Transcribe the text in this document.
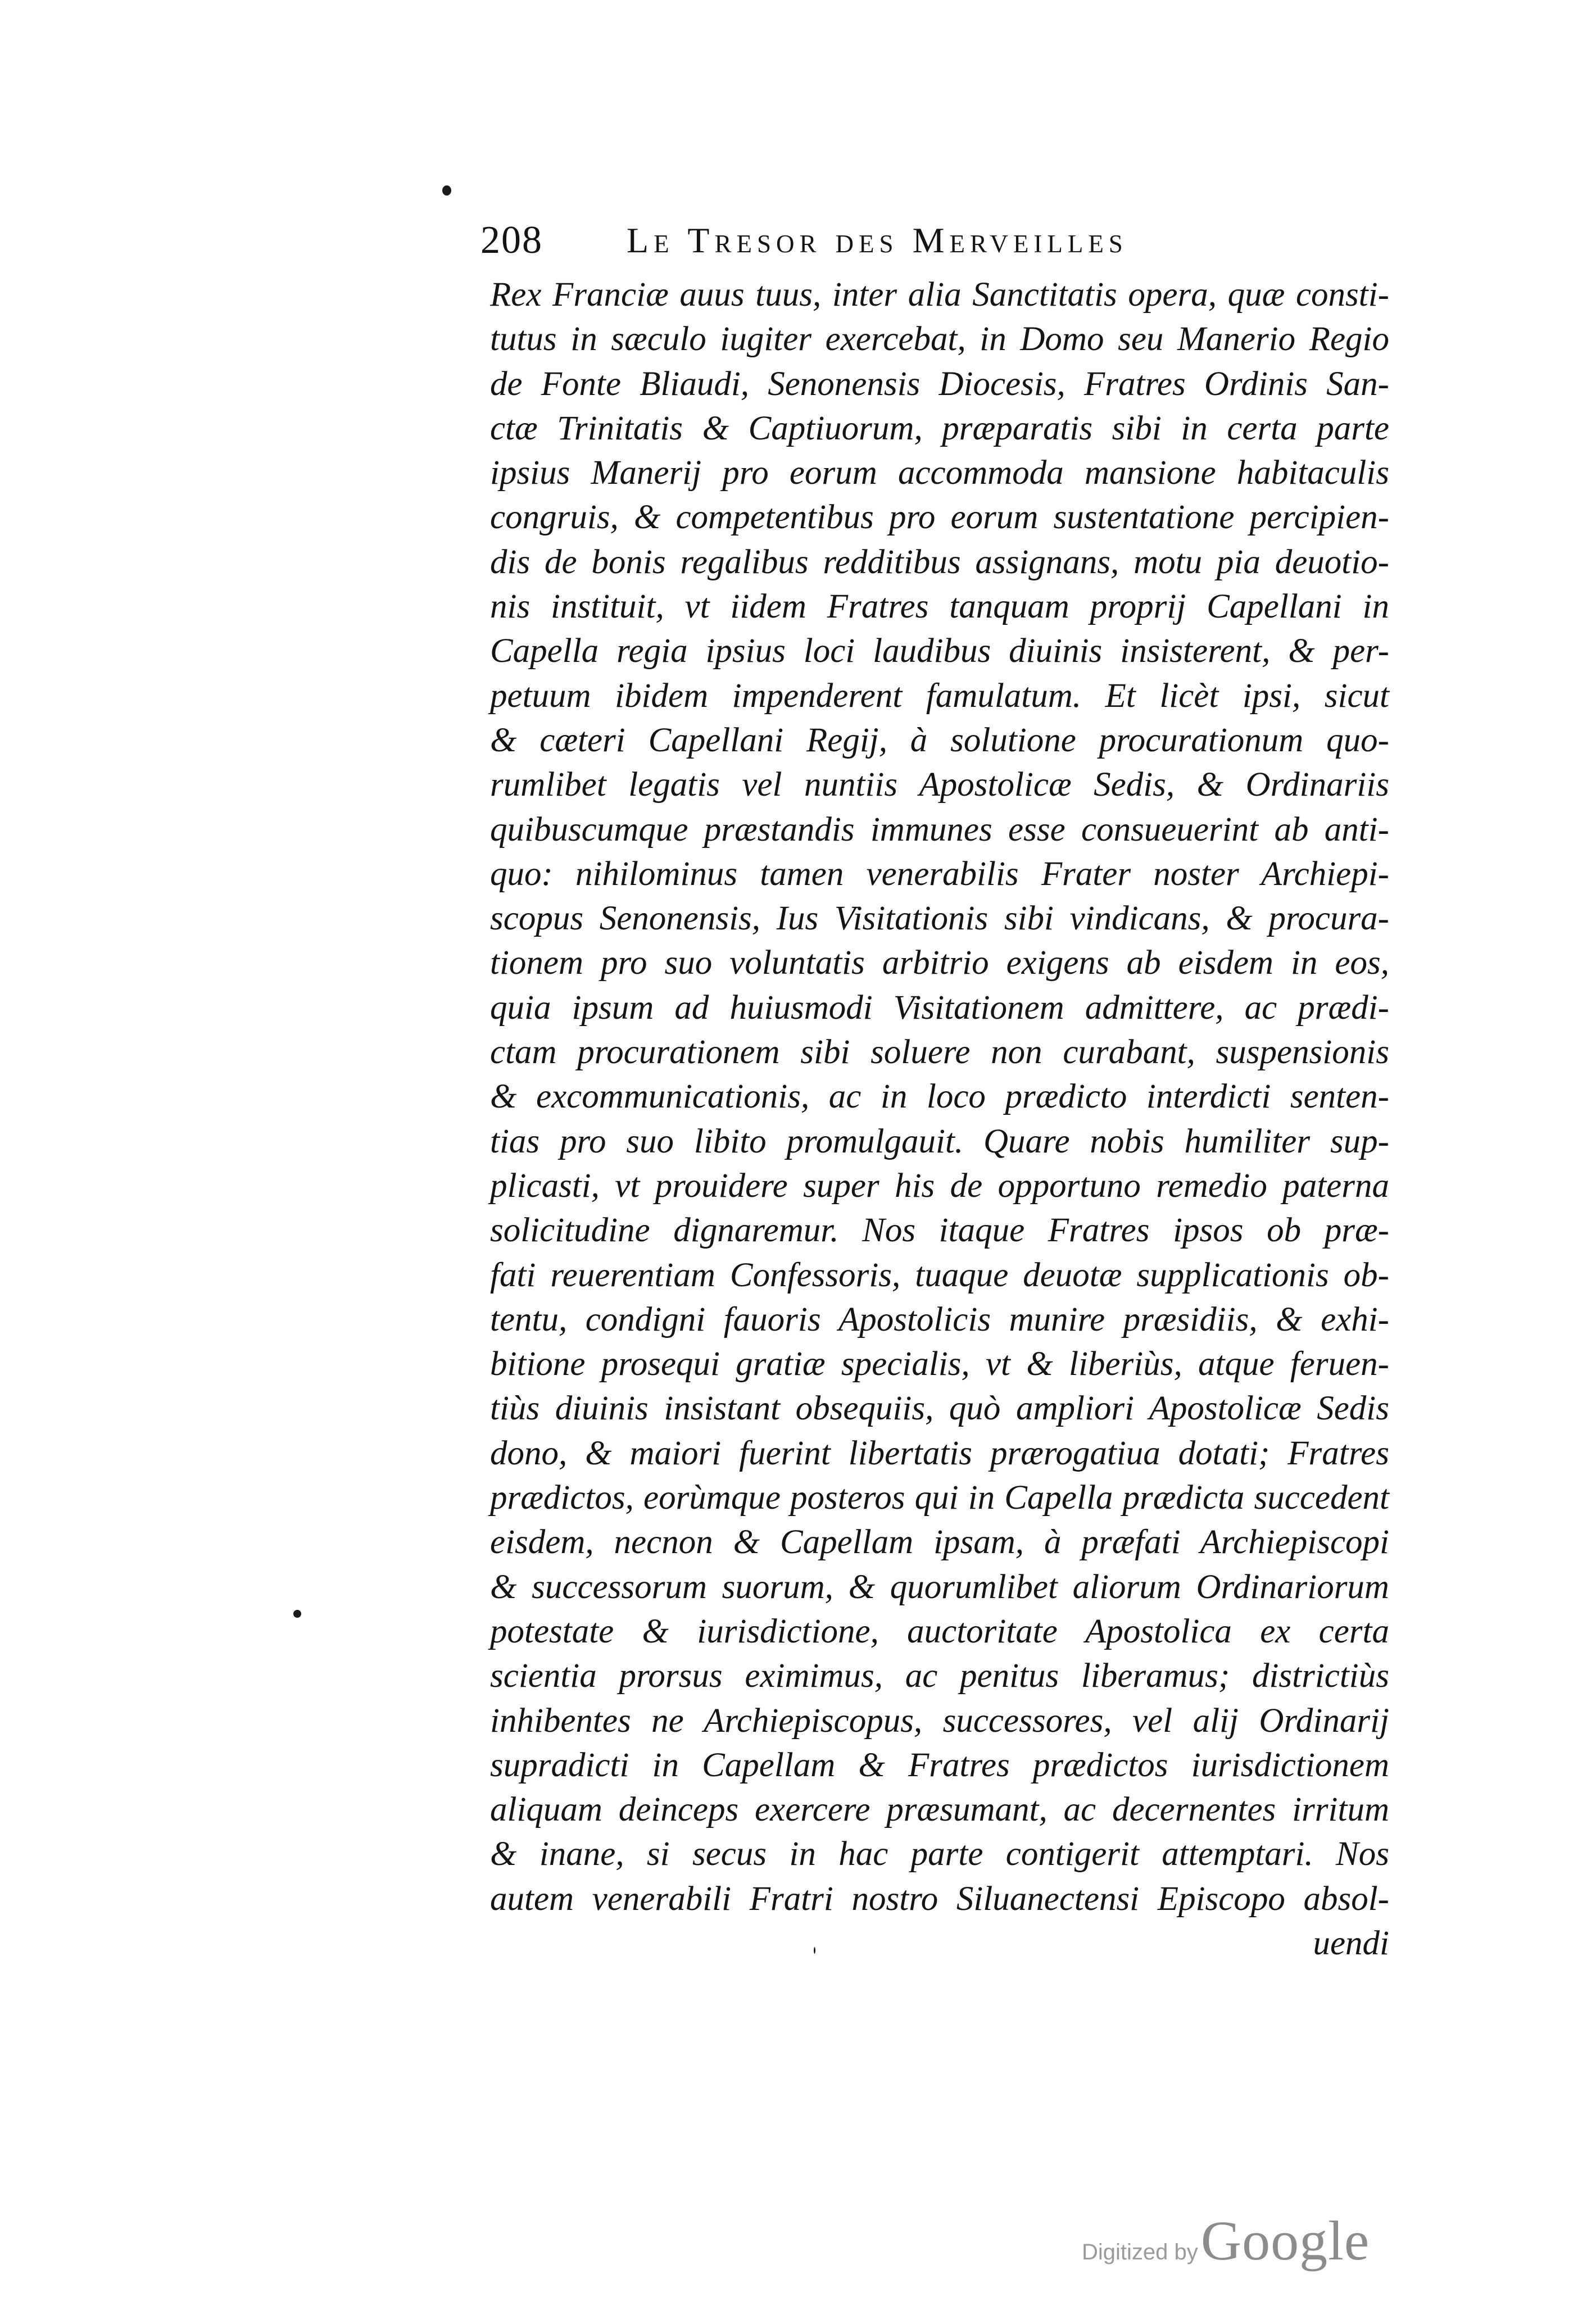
208 Le Tresor des Merveilles
Rex Franciæ auus tuus, inter alia Sanctitatis opera, quæ consti-
tutus in sæculo iugiter exercebat, in Domo seu Manerio Regio
de Fonte Bliaudi, Senonensis Diocesis, Fratres Ordinis San-
ctæ Trinitatis & Captiuorum, præparatis sibi in certa parte
ipsius Manerij pro eorum accommoda mansione habitaculis
congruis, & competentibus pro eorum sustentatione percipien-
dis de bonis regalibus redditibus assignans, motu pia deuotio-
nis instituit, vt iidem Fratres tanquam proprij Capellani in
Capella regia ipsius loci laudibus diuinis insisterent, & per-
petuum ibidem impenderent famulatum. Et licèt ipsi, sicut
& cæteri Capellani Regij, à solutione procurationum quo-
rumlibet legatis vel nuntiis Apostolicæ Sedis, & Ordinariis
quibuscumque præstandis immunes esse consueuerint ab anti-
quo: nihilominus tamen venerabilis Frater noster Archiepi-
scopus Senonensis, Ius Visitationis sibi vindicans, & procura-
tionem pro suo voluntatis arbitrio exigens ab eisdem in eos,
quia ipsum ad huiusmodi Visitationem admittere, ac prædi-
ctam procurationem sibi soluere non curabant, suspensionis
& excommunicationis, ac in loco prædicto interdicti senten-
tias pro suo libito promulgauit. Quare nobis humiliter sup-
plicasti, vt prouidere super his de opportuno remedio paterna
solicitudine dignaremur. Nos itaque Fratres ipsos ob præ-
fati reuerentiam Confessoris, tuaque deuotæ supplicationis ob-
tentu, condigni fauoris Apostolicis munire præsidiis, & exhi-
bitione prosequi gratiæ specialis, vt & liberiùs, atque feruen-
tiùs diuinis insistant obsequiis, quò ampliori Apostolicæ Sedis
dono, & maiori fuerint libertatis prærogatiua dotati; Fratres
prædictos, eorùmque posteros qui in Capella prædicta succedent
eisdem, necnon & Capellam ipsam, à præfati Archiepiscopi
& successorum suorum, & quorumlibet aliorum Ordinariorum
potestate & iurisdictione, auctoritate Apostolica ex certa
scientia prorsus eximimus, ac penitus liberamus; districtiùs
inhibentes ne Archiepiscopus, successores, vel alij Ordinarij
supradicti in Capellam & Fratres prædictos iurisdictionem
aliquam deinceps exercere præsumant, ac decernentes irritum
& inane, si secus in hac parte contigerit attemptari. Nos
autem venerabili Fratri nostro Siluanectensi Episcopo absol-
uendi
Digitized by Google
